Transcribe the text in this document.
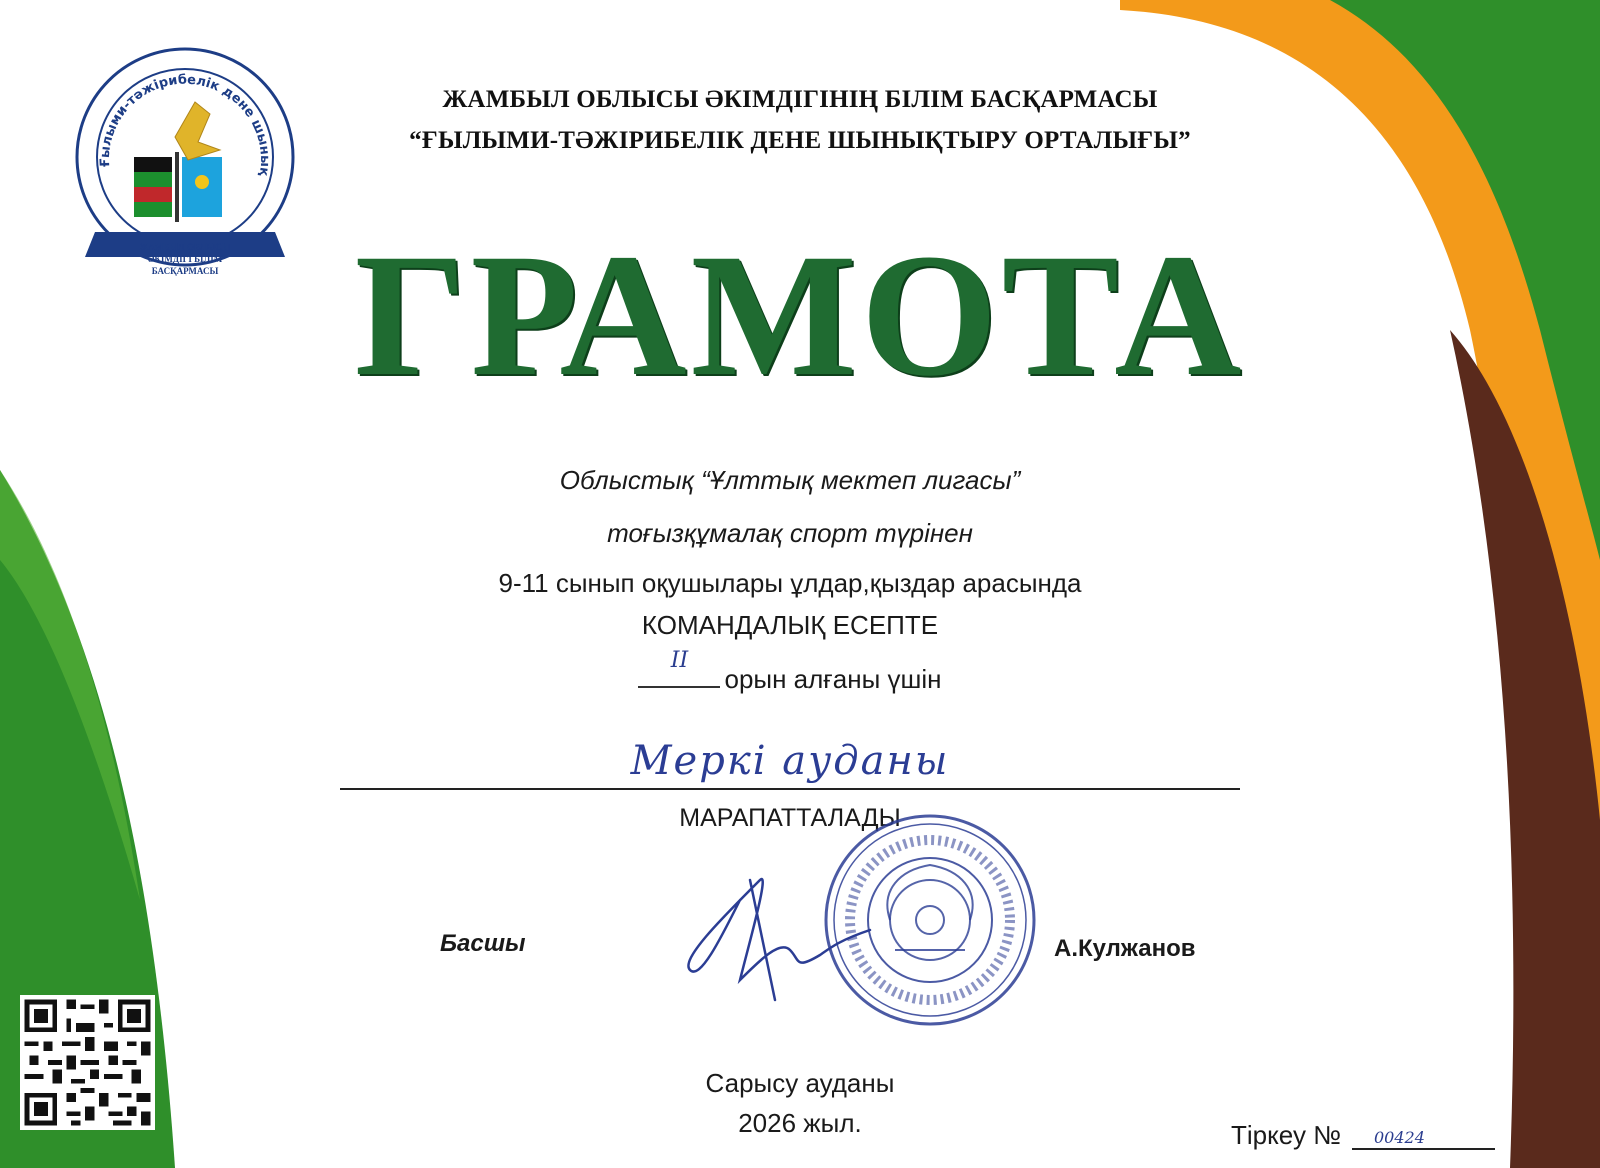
Ғылыми-тәжірибелік дене шынық
ЖАМБЫЛ ОБЛЫСЫ
ӘКІМДІГІ БІЛІМ
БАСҚАРМАСЫ
ЖАМБЫЛ ОБЛЫСЫ ӘКІМДІГІНІҢ БІЛІМ БАСҚАРМАСЫ
“ҒЫЛЫМИ-ТӘЖІРИБЕЛІК ДЕНЕ ШЫНЫҚТЫРУ ОРТАЛЫҒЫ”
ГРАМОТА
Облыстық “Ұлттық мектеп лигасы”
тоғызқұмалақ спорт түрінен
9-11 сынып оқушылары ұлдар,қыздар арасында
КОМАНДАЛЫҚ ЕСЕПТЕ
II
орын алғаны үшін
Меркі ауданы
МАРАПАТТАЛАДЫ
Басшы	А.Кулжанов
Сарысу ауданы
2026 жыл.	Тіркеу № 00424
